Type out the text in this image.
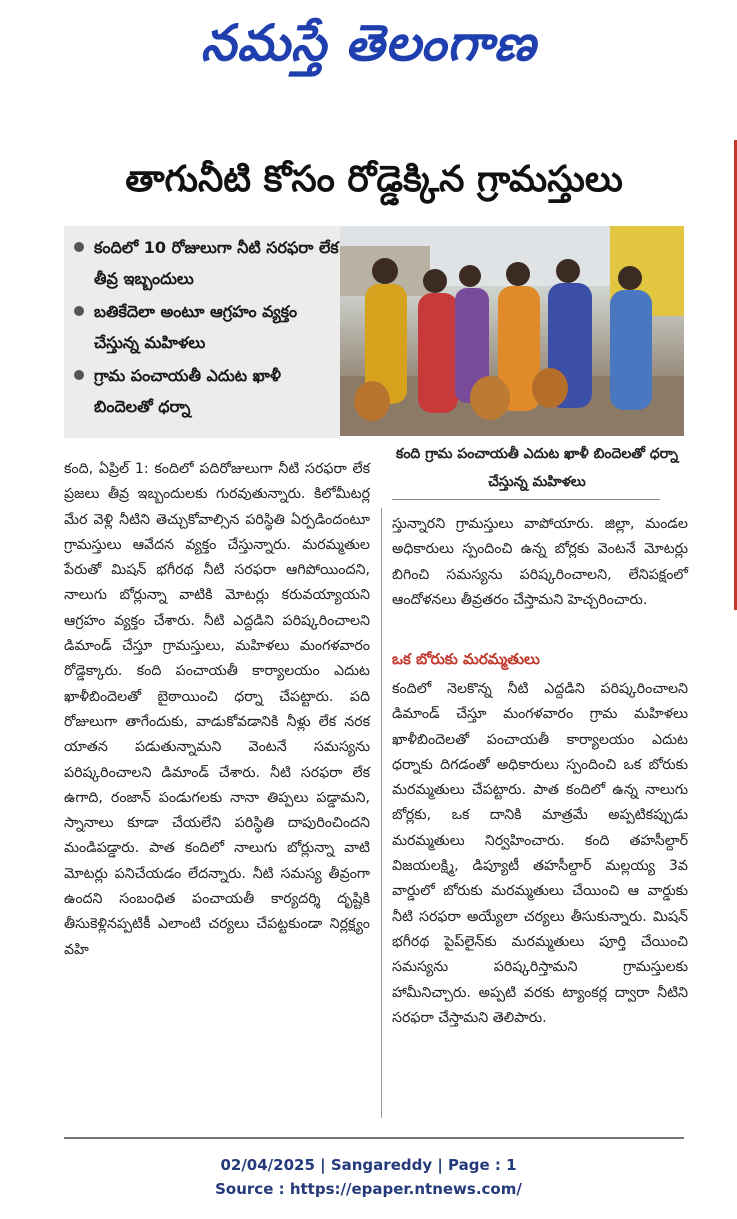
నమస్తే తెలంగాణ
తాగునీటి కోసం రోడ్డెక్కిన గ్రామస్తులు
కందిలో 10 రోజులుగా నీటి సరఫరా లేక తీవ్ర ఇబ్బందులు
బతికేదెలా అంటూ ఆగ్రహం వ్యక్తం చేస్తున్న మహిళలు
గ్రామ పంచాయతీ ఎదుట ఖాళీ బిందెలతో ధర్నా
కంది గ్రామ పంచాయతీ ఎదుట ఖాళీ బిందెలతో ధర్నా చేస్తున్న మహిళలు
కంది, ఏప్రిల్ 1: కందిలో పదిరోజులుగా నీటి సరఫరా లేక ప్రజలు తీవ్ర ఇబ్బందులకు గురవుతున్నారు. కిలోమీటర్ల మేర వెళ్లి నీటిని తెచ్చుకోవాల్సిన పరిస్థితి ఏర్పడిందంటూ గ్రామస్తులు ఆవేదన వ్యక్తం చేస్తున్నారు. మరమ్మతుల పేరుతో మిషన్ భగీరథ నీటి సరఫరా ఆగిపోయిందని, నాలుగు బోర్లున్నా వాటికి మోటర్లు కరువయ్యాయని ఆగ్రహం వ్యక్తం చేశారు. నీటి ఎద్దడిని పరిష్కరించాలని డిమాండ్ చేస్తూ గ్రామస్తులు, మహిళలు మంగళవారం రోడ్డెక్కారు. కంది పంచాయతీ కార్యాలయం ఎదుట ఖాళీబిందెలతో బైఠాయించి ధర్నా చేపట్టారు. పది రోజులుగా తాగేందుకు, వాడుకోవడానికి నీళ్లు లేక నరక యాతన పడుతున్నామని వెంటనే సమస్యను పరిష్కరించాలని డిమాండ్ చేశారు. నీటి సరఫరా లేక ఉగాది, రంజాన్ పండుగలకు నానా తిప్పలు పడ్డామని, స్నానాలు కూడా చేయలేని పరిస్థితి దాపురించిందని మండిపడ్డారు. పాత కందిలో నాలుగు బోర్లున్నా వాటి మోటర్లు పనిచేయడం లేదన్నారు. నీటి సమస్య తీవ్రంగా ఉందని సంబంధిత పంచాయతీ కార్యదర్శి దృష్టికి తీసుకెళ్లినప్పటికీ ఎలాంటి చర్యలు చేపట్టకుండా నిర్లక్ష్యం వహి
స్తున్నారని గ్రామస్తులు వాపోయారు. జిల్లా, మండల అధికారులు స్పందించి ఉన్న బోర్లకు వెంటనే మోటర్లు బిగించి సమస్యను పరిష్కరించాలని, లేనిపక్షంలో ఆందోళనలు తీవ్రతరం చేస్తామని హెచ్చరించారు.
ఒక బోరుకు మరమ్మతులు
కందిలో నెలకొన్న నీటి ఎద్దడిని పరిష్కరించాలని డిమాండ్ చేస్తూ మంగళవారం గ్రామ మహిళలు ఖాళీబిందెలతో పంచాయతీ కార్యాలయం ఎదుట ధర్నాకు దిగడంతో అధికారులు స్పందించి ఒక బోరుకు మరమ్మతులు చేపట్టారు. పాత కందిలో ఉన్న నాలుగు బోర్లకు, ఒక దానికి మాత్రమే అప్పటికప్పుడు మరమ్మతులు నిర్వహించారు. కంది తహసీల్దార్ విజయలక్ష్మి, డిప్యూటీ తహసీల్దార్ మల్లయ్య 3వ వార్డులో బోరుకు మరమ్మతులు చేయించి ఆ వార్డుకు నీటి సరఫరా అయ్యేలా చర్యలు తీసుకున్నారు. మిషన్ భగీరథ పైప్‌లైన్‌కు మరమ్మతులు పూర్తి చేయించి సమస్యను పరిష్కరిస్తామని గ్రామస్తులకు హామీనిచ్చారు. అప్పటి వరకు ట్యాంకర్ల ద్వారా నీటిని సరఫరా చేస్తామని తెలిపారు.
02/04/2025 | Sangareddy | Page : 1
Source : https://epaper.ntnews.com/
